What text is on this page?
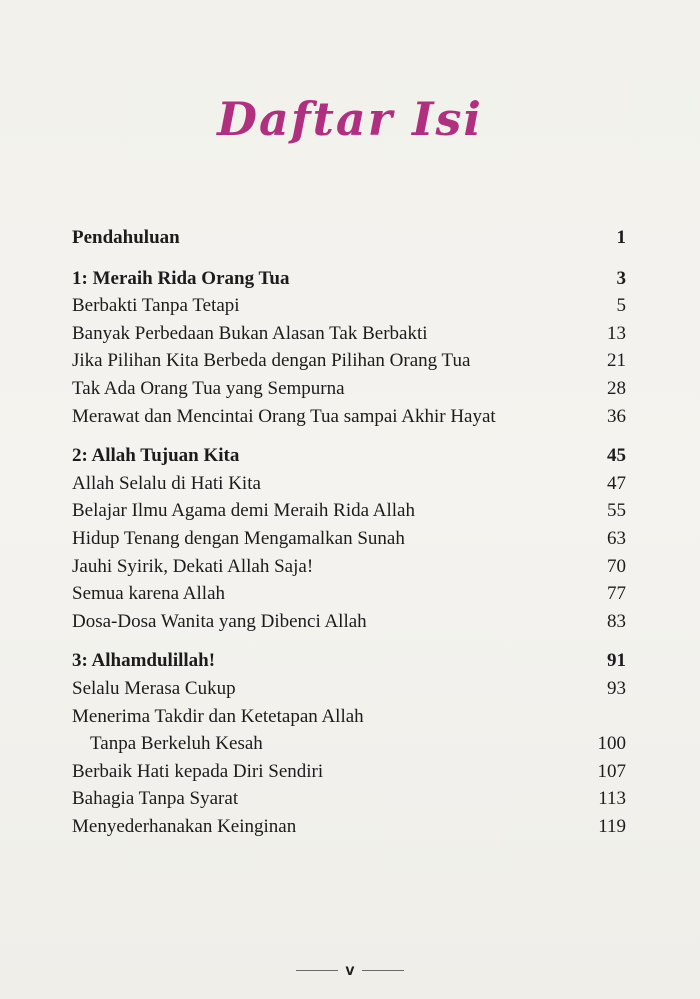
Daftar Isi
Pendahuluan	1
1: Meraih Rida Orang Tua	3
Berbakti Tanpa Tetapi	5
Banyak Perbedaan Bukan Alasan Tak Berbakti	13
Jika Pilihan Kita Berbeda dengan Pilihan Orang Tua	21
Tak Ada Orang Tua yang Sempurna	28
Merawat dan Mencintai Orang Tua sampai Akhir Hayat	36
2: Allah Tujuan Kita	45
Allah Selalu di Hati Kita	47
Belajar Ilmu Agama demi Meraih Rida Allah	55
Hidup Tenang dengan Mengamalkan Sunah	63
Jauhi Syirik, Dekati Allah Saja!	70
Semua karena Allah	77
Dosa-Dosa Wanita yang Dibenci Allah	83
3: Alhamdulillah!	91
Selalu Merasa Cukup	93
Menerima Takdir dan Ketetapan Allah
Tanpa Berkeluh Kesah	100
Berbaik Hati kepada Diri Sendiri	107
Bahagia Tanpa Syarat	113
Menyederhanakan Keinginan	119
v
